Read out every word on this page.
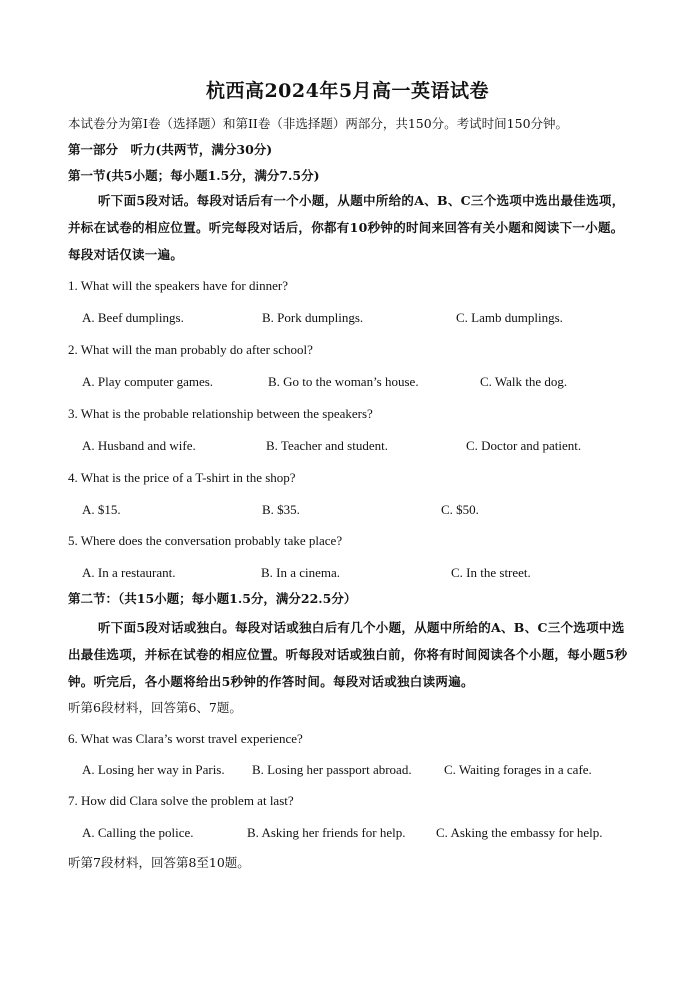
杭西高2024年5月高一英语试卷
本试卷分为第I卷（选择题）和第II卷（非选择题）两部分，共150分。考试时间150分钟。
第一部分　听力(共两节，满分30分)
第一节(共5小题；每小题1.5分，满分7.5分)
听下面5段对话。每段对话后有一个小题，从题中所给的A、B、C三个选项中选出最佳选项，并标在试卷的相应位置。听完每段对话后，你都有10秒钟的时间来回答有关小题和阅读下一小题。每段对话仅读一遍。
1. What will the speakers have for dinner?
A. Beef dumplings.	B. Pork dumplings.	C. Lamb dumplings.
2. What will the man probably do after school?
A. Play computer games.	B. Go to the woman’s house.	C. Walk the dog.
3. What is the probable relationship between the speakers?
A. Husband and wife.	B. Teacher and student.	C. Doctor and patient.
4. What is the price of a T-shirt in the shop?
A. $15.	B. $35.	C. $50.
5. Where does the conversation probably take place?
A. In a restaurant.	B. In a cinema.	C. In the street.
第二节：（共15小题；每小题1.5分，满分22.5分）
听下面5段对话或独白。每段对话或独白后有几个小题，从题中所给的A、B、C三个选项中选出最佳选项，并标在试卷的相应位置。听每段对话或独白前，你将有时间阅读各个小题，每小题5秒钟。听完后，各小题将给出5秒钟的作答时间。每段对话或独白读两遍。
听第6段材料，回答第6、7题。
6. What was Clara’s worst travel experience?
A. Losing her way in Paris. B. Losing her passport abroad. C. Waiting forages in a cafe.
7. How did Clara solve the problem at last?
A. Calling the police.	B. Asking her friends for help. C. Asking the embassy for help.
听第7段材料，回答第8至10题。
